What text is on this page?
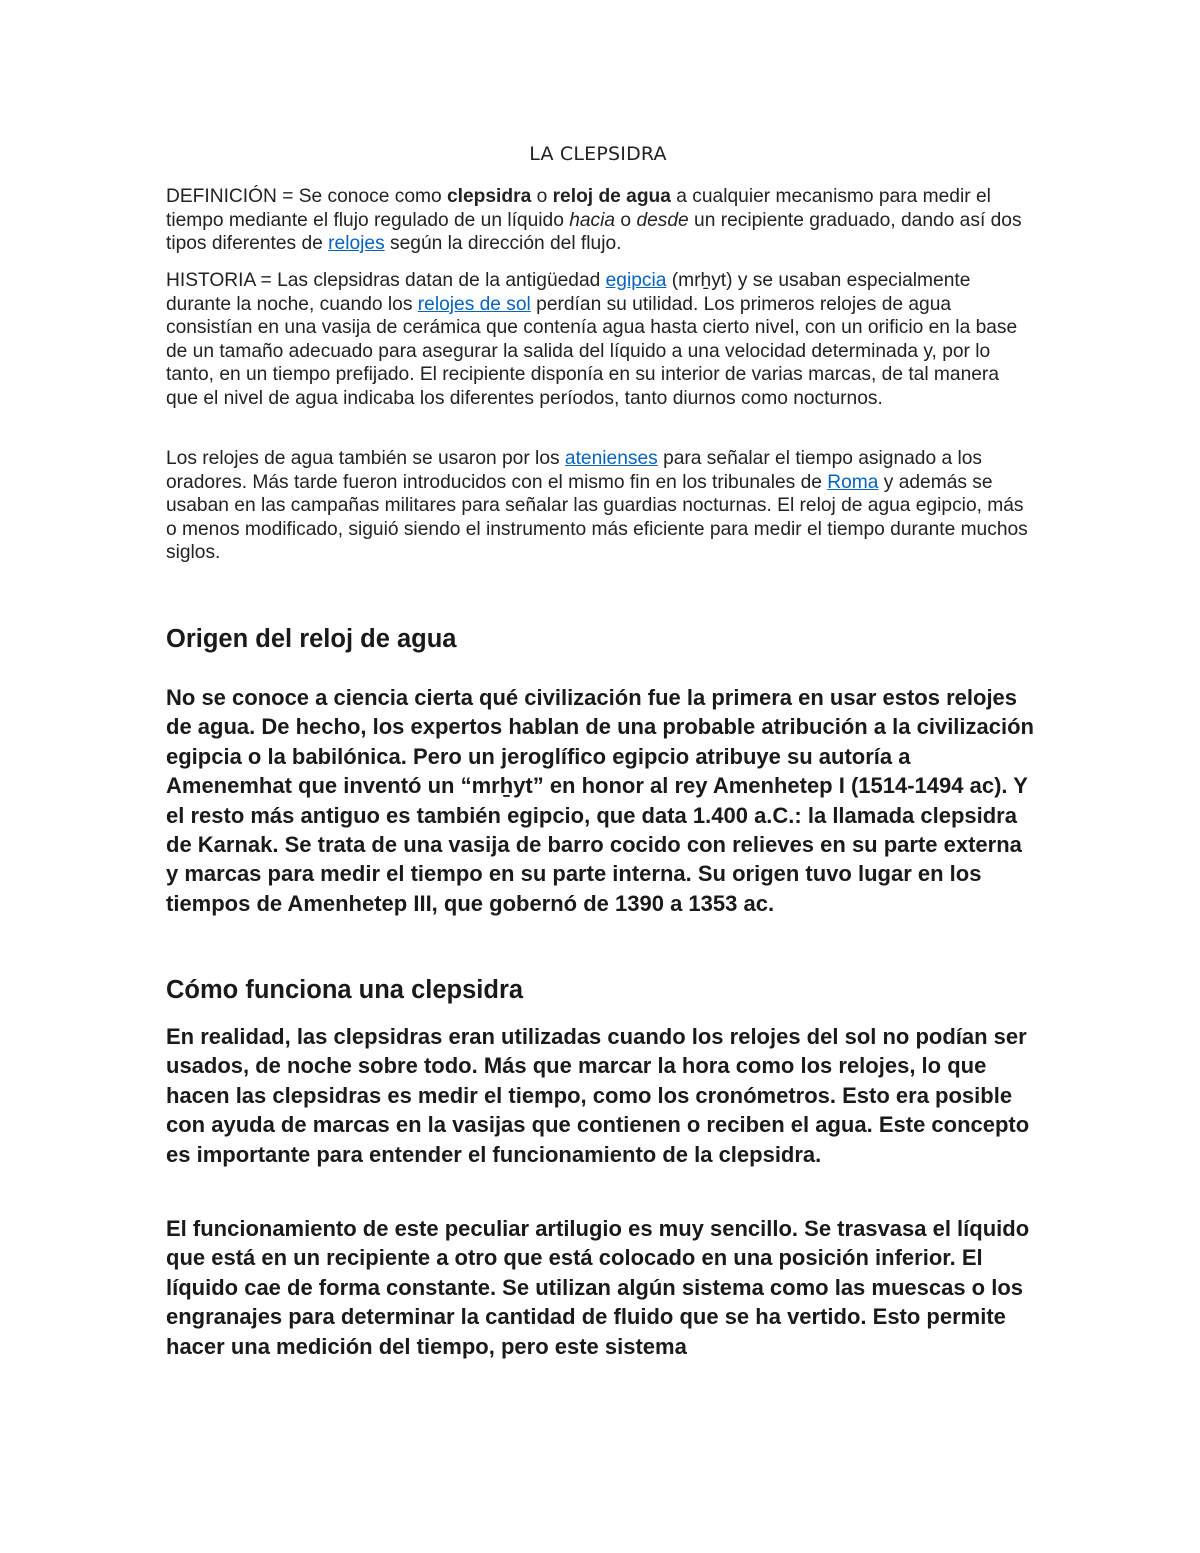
LA CLEPSIDRA

DEFINICIÓN = Se conoce como clepsidra o reloj de agua a cualquier mecanismo para medir el tiempo mediante el flujo regulado de un líquido hacia o desde un recipiente graduado, dando así dos tipos diferentes de relojes según la dirección del flujo.

HISTORIA = Las clepsidras datan de la antigüedad egipcia (mrẖyt) y se usaban especialmente durante la noche, cuando los relojes de sol perdían su utilidad. Los primeros relojes de agua consistían en una vasija de cerámica que contenía agua hasta cierto nivel, con un orificio en la base de un tamaño adecuado para asegurar la salida del líquido a una velocidad determinada y, por lo tanto, en un tiempo prefijado. El recipiente disponía en su interior de varias marcas, de tal manera que el nivel de agua indicaba los diferentes períodos, tanto diurnos como nocturnos.

Los relojes de agua también se usaron por los atenienses para señalar el tiempo asignado a los oradores. Más tarde fueron introducidos con el mismo fin en los tribunales de Roma y además se usaban en las campañas militares para señalar las guardias nocturnas. El reloj de agua egipcio, más o menos modificado, siguió siendo el instrumento más eficiente para medir el tiempo durante muchos siglos.

Origen del reloj de agua

No se conoce a ciencia cierta qué civilización fue la primera en usar estos relojes de agua. De hecho, los expertos hablan de una probable atribución a la civilización egipcia o la babilónica. Pero un jeroglífico egipcio atribuye su autoría a Amenemhat que inventó un “mrẖyt” en honor al rey Amenhetep I (1514-1494 ac). Y el resto más antiguo es también egipcio, que data 1.400 a.C.: la llamada clepsidra de Karnak. Se trata de una vasija de barro cocido con relieves en su parte externa y marcas para medir el tiempo en su parte interna. Su origen tuvo lugar en los tiempos de Amenhetep III, que gobernó de 1390 a 1353 ac.

Cómo funciona una clepsidra

En realidad, las clepsidras eran utilizadas cuando los relojes del sol no podían ser usados, de noche sobre todo. Más que marcar la hora como los relojes, lo que hacen las clepsidras es medir el tiempo, como los cronómetros. Esto era posible con ayuda de marcas en la vasijas que contienen o reciben el agua. Este concepto es importante para entender el funcionamiento de la clepsidra.

El funcionamiento de este peculiar artilugio es muy sencillo. Se trasvasa el líquido que está en un recipiente a otro que está colocado en una posición inferior. El líquido cae de forma constante. Se utilizan algún sistema como las muescas o los engranajes para determinar la cantidad de fluido que se ha vertido. Esto permite hacer una medición del tiempo, pero este sistema
